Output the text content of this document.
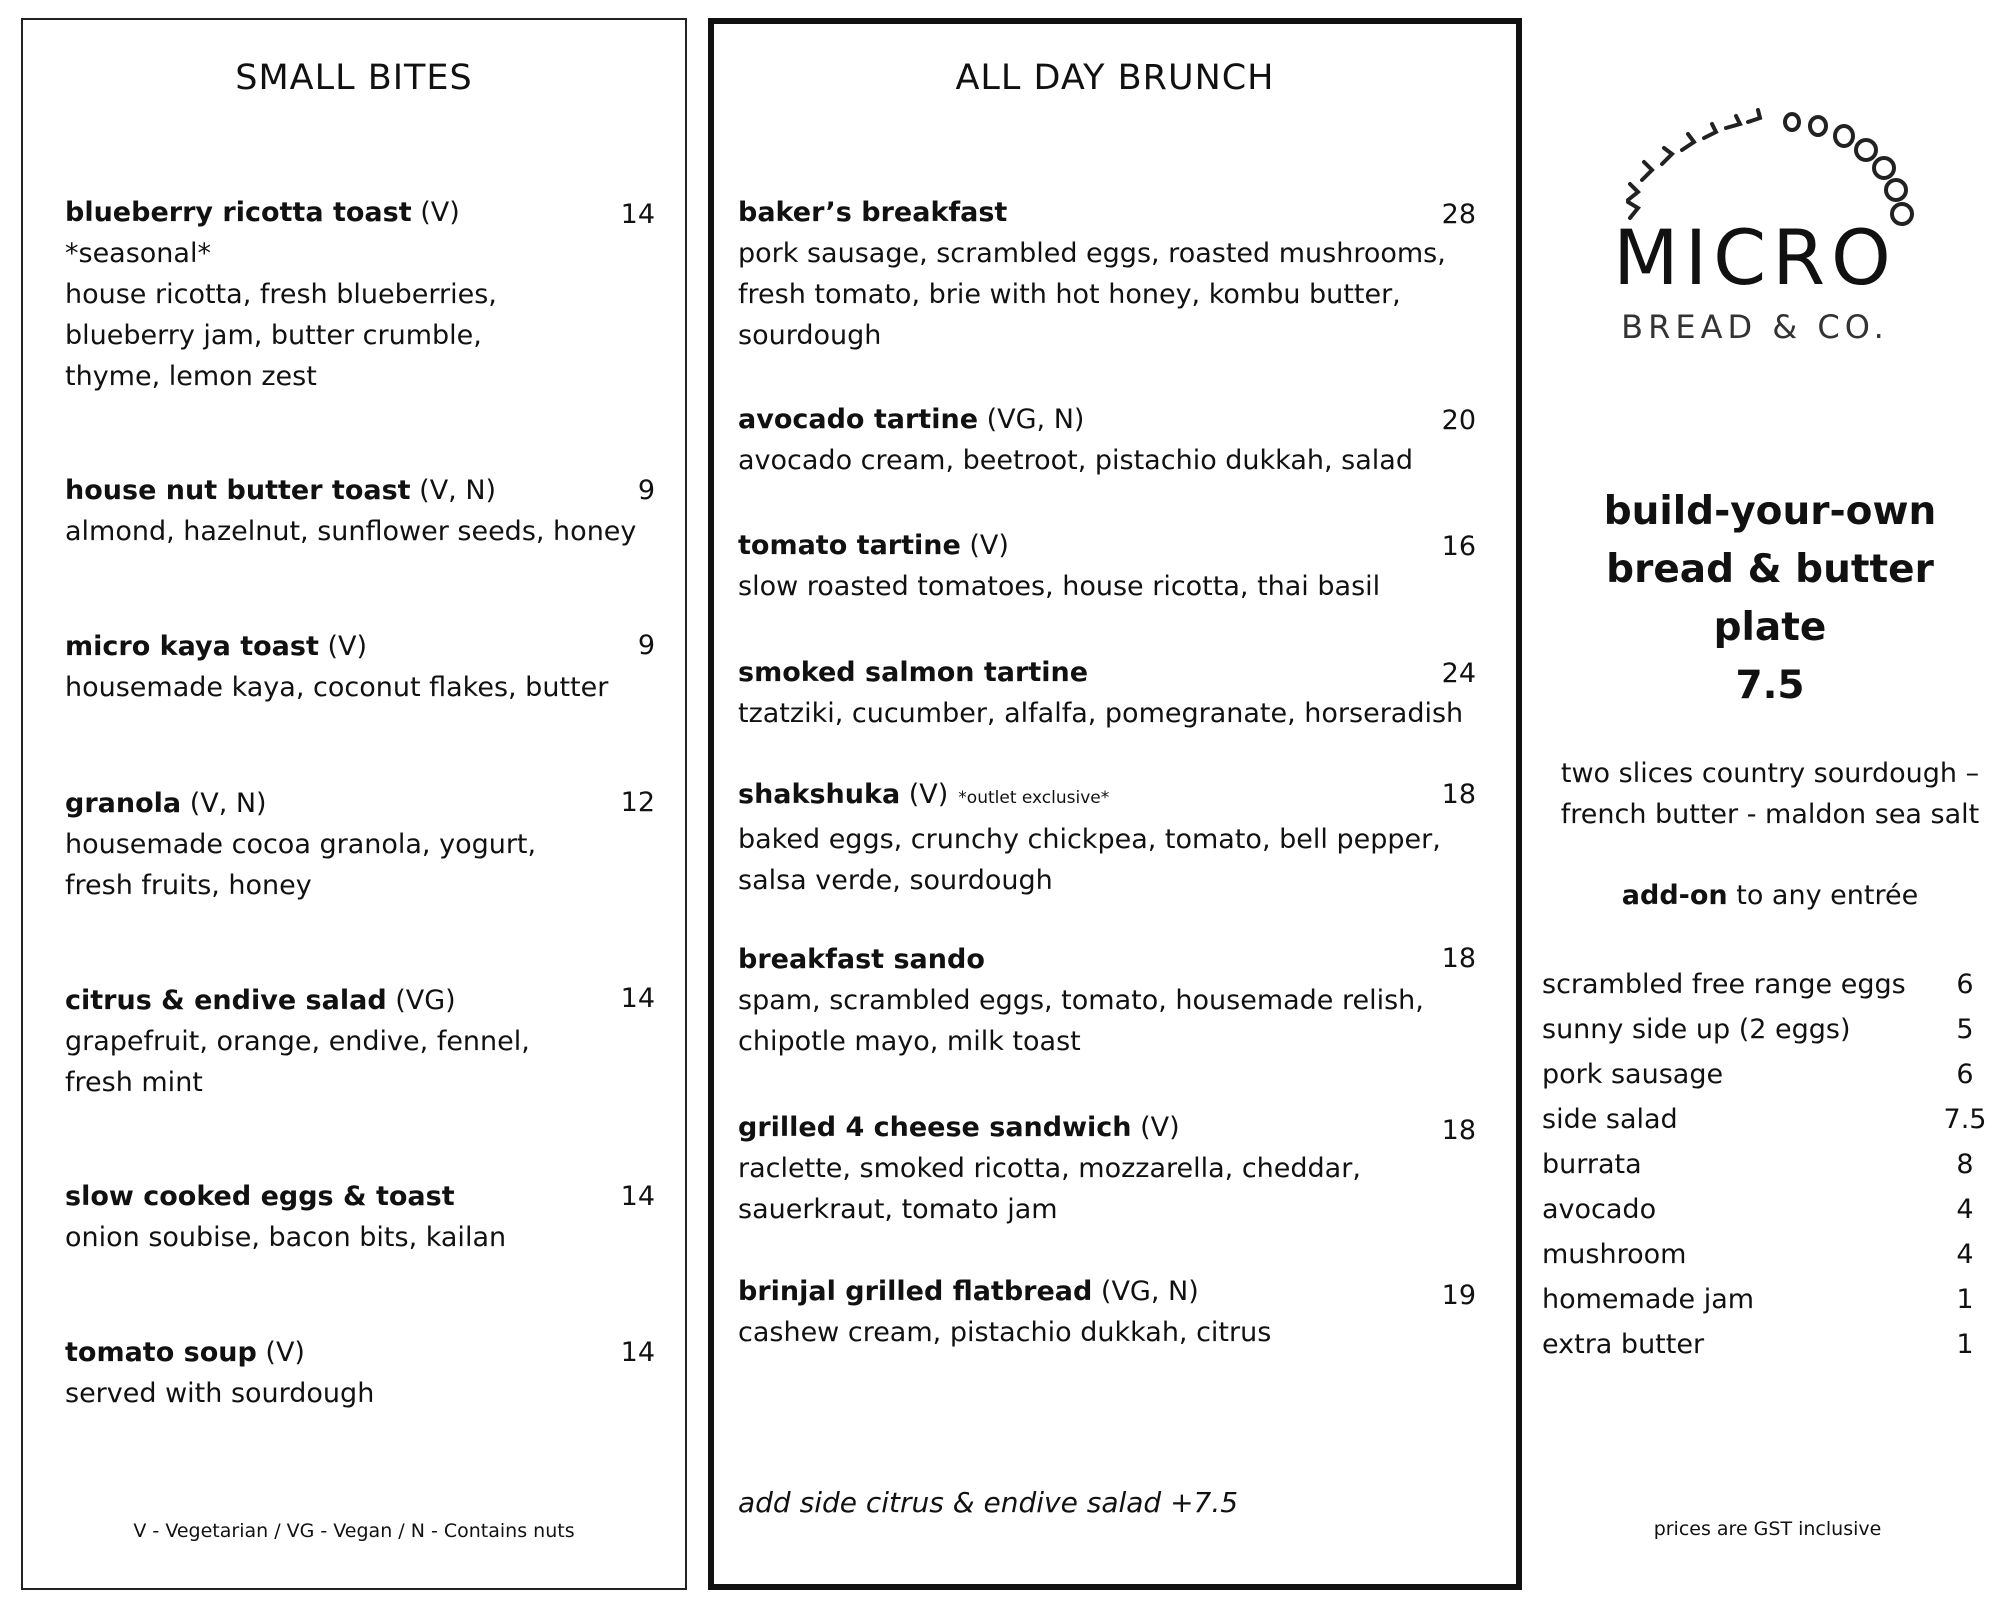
SMALL BITES
blueberry ricotta toast (V)
*seasonal*
house ricotta, fresh blueberries,
blueberry jam, butter crumble,
thyme, lemon zest
14
house nut butter toast (V, N)
almond, hazelnut, sunflower seeds, honey
9
micro kaya toast (V)
housemade kaya, coconut flakes, butter
9
granola (V, N)
housemade cocoa granola, yogurt,
fresh fruits, honey
12
citrus & endive salad (VG)
grapefruit, orange, endive, fennel,
fresh mint
14
slow cooked eggs & toast
onion soubise, bacon bits, kailan
14
tomato soup (V)
served with sourdough
14
V - Vegetarian / VG - Vegan / N - Contains nuts
ALL DAY BRUNCH
baker’s breakfast
pork sausage, scrambled eggs, roasted mushrooms,
fresh tomato, brie with hot honey, kombu butter,
sourdough
28
avocado tartine (VG, N)
avocado cream, beetroot, pistachio dukkah, salad
20
tomato tartine (V)
slow roasted tomatoes, house ricotta, thai basil
16
smoked salmon tartine
tzatziki, cucumber, alfalfa, pomegranate, horseradish
24
shakshuka (V) *outlet exclusive*
baked eggs, crunchy chickpea, tomato, bell pepper,
salsa verde, sourdough
18
breakfast sando
spam, scrambled eggs, tomato, housemade relish,
chipotle mayo, milk toast
18
grilled 4 cheese sandwich (V)
raclette, smoked ricotta, mozzarella, cheddar,
sauerkraut, tomato jam
18
brinjal grilled flatbread (VG, N)
cashew cream, pistachio dukkah, citrus
19
add side citrus & endive salad +7.5
MICRO
BREAD & CO.
build-your-own
bread & butter
plate
7.5
two slices country sourdough –
french butter - maldon sea salt
add-on to any entrée
scrambled free range eggs	6
sunny side up (2 eggs)	5
pork sausage	6
side salad	7.5
burrata	8
avocado	4
mushroom	4
homemade jam	1
extra butter	1
prices are GST inclusive
